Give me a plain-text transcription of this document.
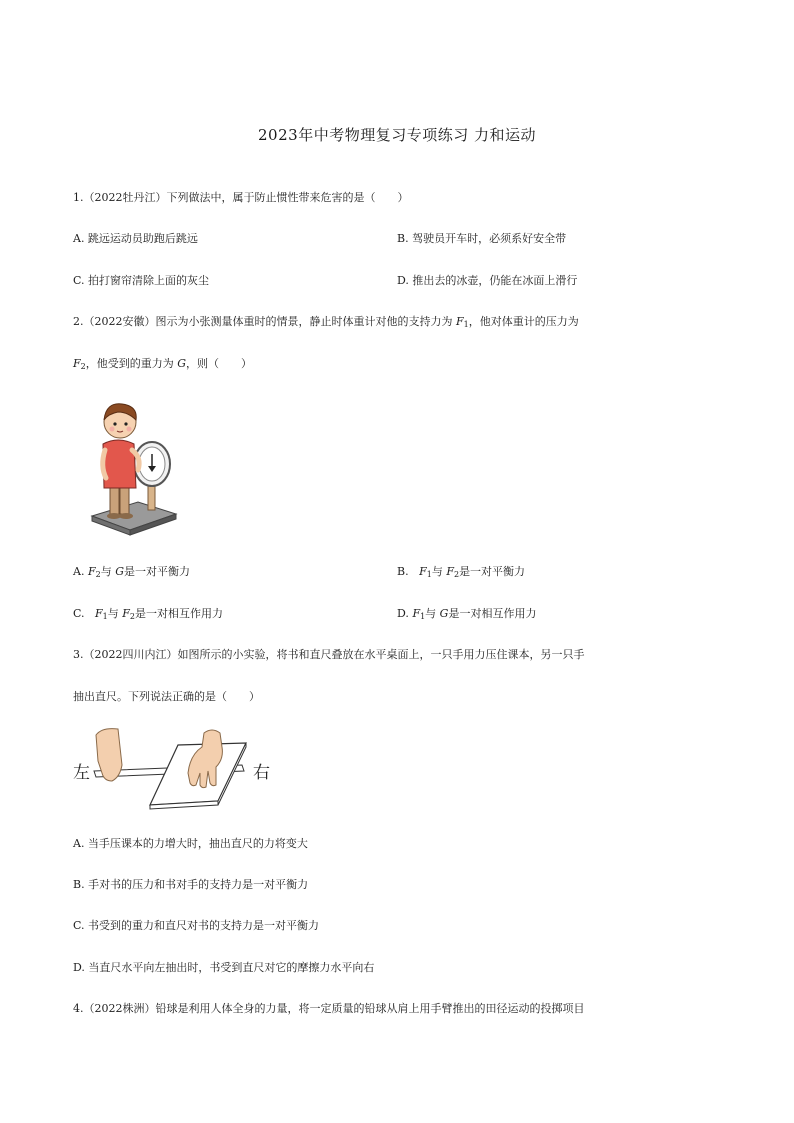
2023年中考物理复习专项练习 力和运动
1.（2022牡丹江）下列做法中，属于防止惯性带来危害的是（ ）
A. 跳远运动员助跑后跳远	B. 驾驶员开车时，必须系好安全带
C. 拍打窗帘清除上面的灰尘	D. 推出去的冰壶，仍能在冰面上滑行
2.（2022安徽）图示为小张测量体重时的情景，静止时体重计对他的支持力为 $F_1$，他对体重计的压力为
$F_2$，他受到的重力为 G，则（ ）
A. $F_2$与 G是一对平衡力	B. $F_1$与 $F_2$是一对平衡力
C. $F_1$与 $F_2$是一对相互作用力	D. $F_1$与 G是一对相互作用力
3.（2022四川内江）如图所示的小实验，将书和直尺叠放在水平桌面上，一只手用力压住课本，另一只手
抽出直尺。下列说法正确的是（ ）
左	右
A. 当手压课本的力增大时，抽出直尺的力将变大
B. 手对书的压力和书对手的支持力是一对平衡力
C. 书受到的重力和直尺对书的支持力是一对平衡力
D. 当直尺水平向左抽出时，书受到直尺对它的摩擦力水平向右
4.（2022株洲）铅球是利用人体全身的力量，将一定质量的铅球从肩上用手臂推出的田径运动的投掷项目
